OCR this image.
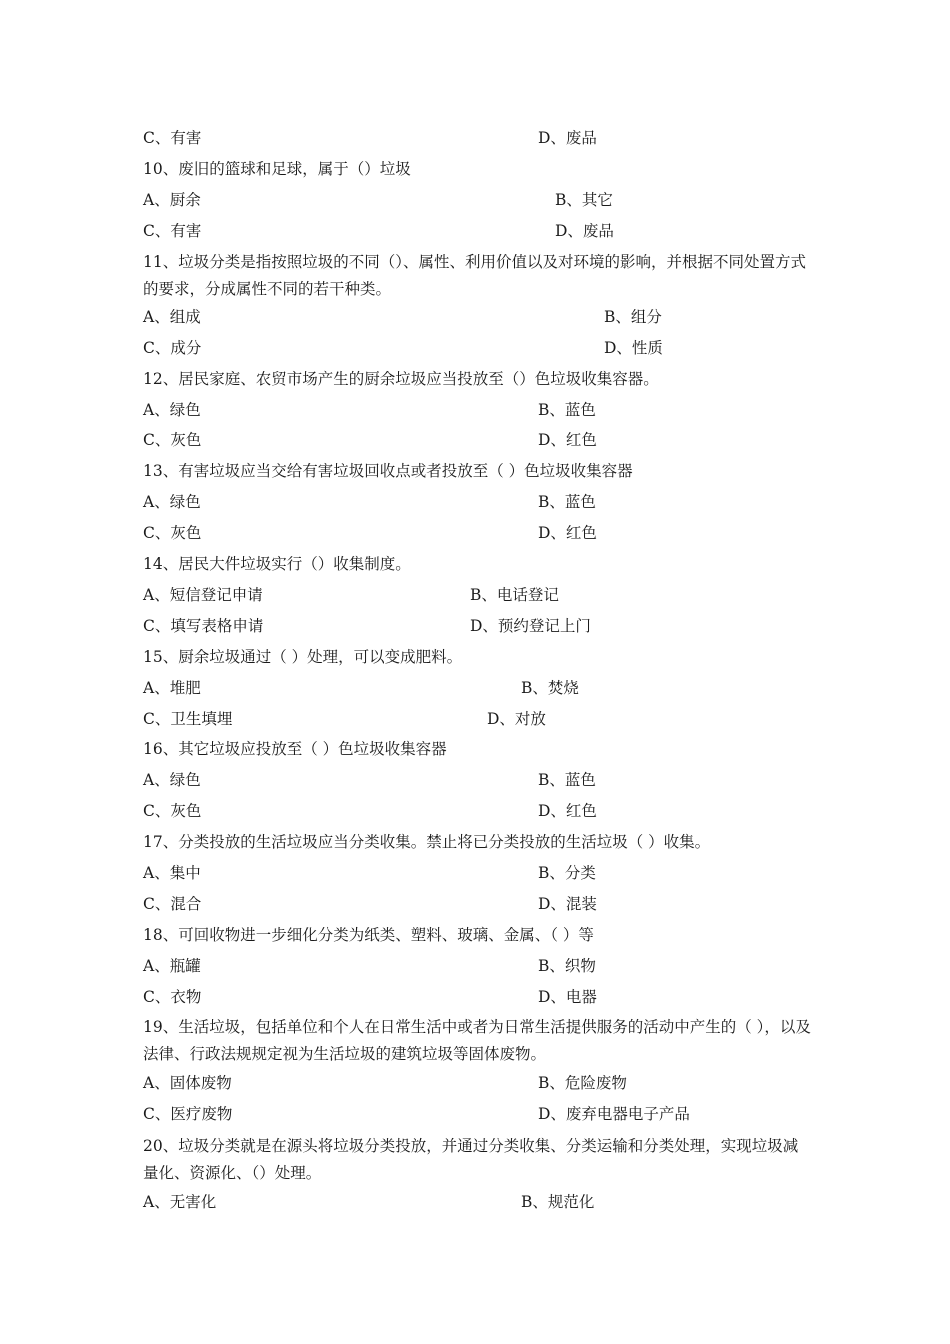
C、有害	D、废品
10、废旧的篮球和足球，属于（）垃圾
A、厨余	B、其它
C、有害	D、废品
11、垃圾分类是指按照垃圾的不同（）、属性、利用价值以及对环境的影响，并根据不同处置方式的要求，分成属性不同的若干种类。
A、组成	B、组分
C、成分	D、性质
12、居民家庭、农贸市场产生的厨余垃圾应当投放至（）色垃圾收集容器。
A、绿色	B、蓝色
C、灰色	D、红色
13、有害垃圾应当交给有害垃圾回收点或者投放至（ ）色垃圾收集容器
A、绿色	B、蓝色
C、灰色	D、红色
14、居民大件垃圾实行（）收集制度。
A、短信登记申请	B、电话登记
C、填写表格申请	D、预约登记上门
15、厨余垃圾通过（ ）处理，可以变成肥料。
A、堆肥	B、焚烧
C、卫生填埋	D、对放
16、其它垃圾应投放至（ ）色垃圾收集容器
A、绿色	B、蓝色
C、灰色	D、红色
17、分类投放的生活垃圾应当分类收集。禁止将已分类投放的生活垃圾（ ）收集。
A、集中	B、分类
C、混合	D、混装
18、可回收物进一步细化分类为纸类、塑料、玻璃、金属、（ ）等
A、瓶罐	B、织物
C、衣物	D、电器
19、生活垃圾，包括单位和个人在日常生活中或者为日常生活提供服务的活动中产生的（ ），以及法律、行政法规规定视为生活垃圾的建筑垃圾等固体废物。
A、固体废物	B、危险废物
C、医疗废物	D、废弃电器电子产品
20、垃圾分类就是在源头将垃圾分类投放，并通过分类收集、分类运输和分类处理，实现垃圾减量化、资源化、（）处理。
A、无害化	B、规范化
